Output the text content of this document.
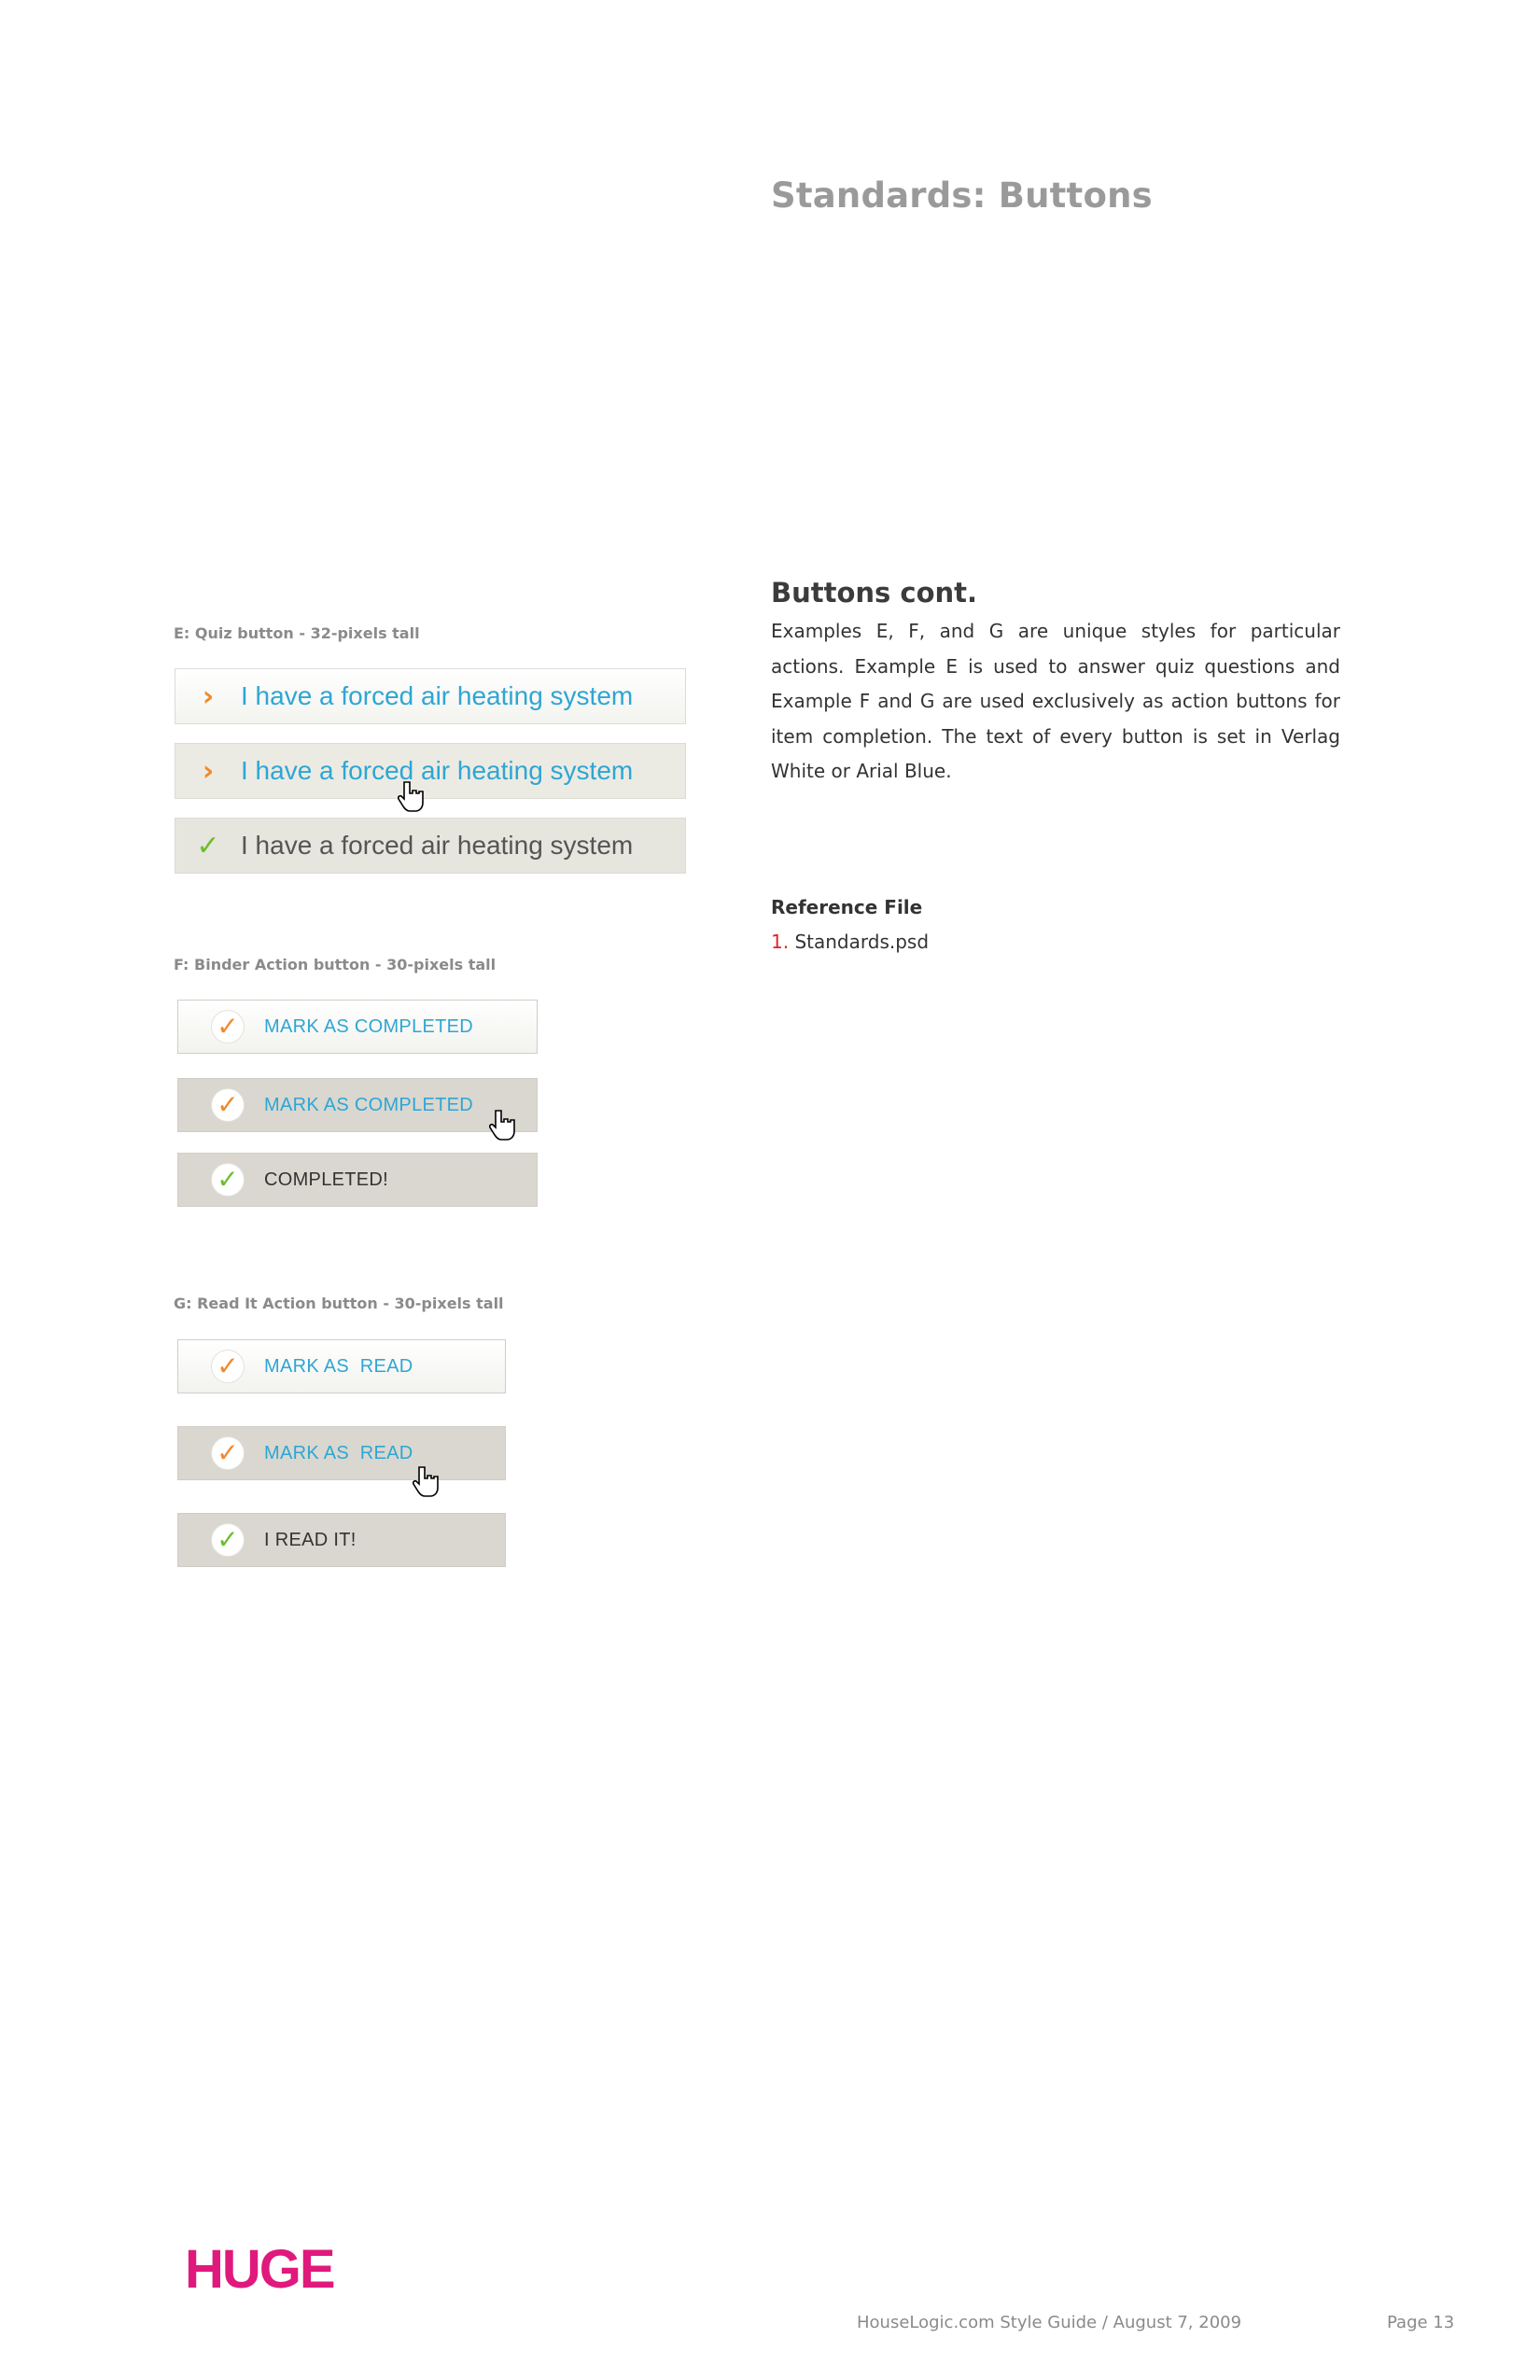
Standards: Buttons
Buttons cont.
Examples E, F, and G are unique styles for particular actions. Example E is used to answer quiz questions and Example F and G are used exclusively as action buttons for item completion. The text of every button is set in Verlag White or Arial Blue.
Reference File
1. Standards.psd
E: Quiz button - 32-pixels tall
›	I have a forced air heating system
›	I have a forced air heating system
✓ I have a forced air heating system
F: Binder Action button - 30-pixels tall
✓ MARK AS COMPLETED
✓ MARK AS COMPLETED
✓ COMPLETED!
G: Read It Action button - 30-pixels tall
✓ MARK AS  READ
✓ MARK AS  READ
✓ I READ IT!
HUGE
HouseLogic.com Style Guide / August 7, 2009	Page 13
